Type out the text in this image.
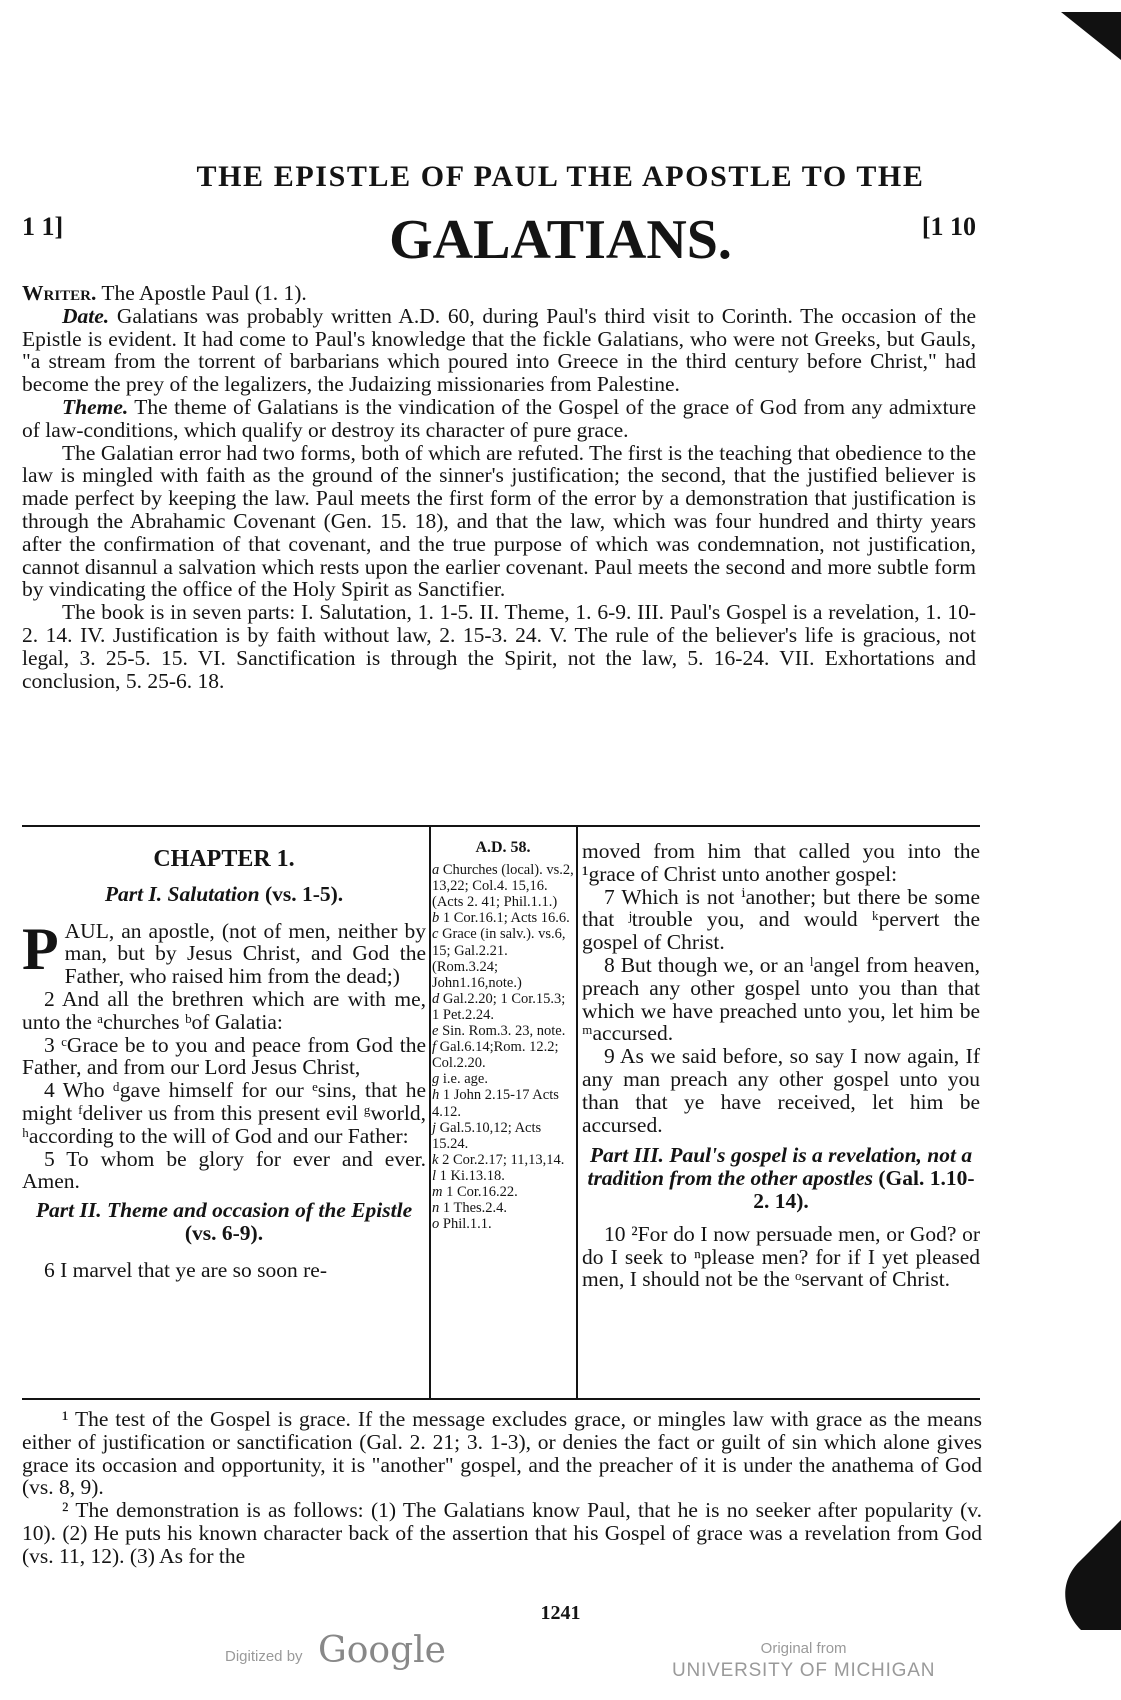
THE EPISTLE OF PAUL THE APOSTLE TO THE
1 1]	GALATIANS.	[1 10

Writer. The Apostle Paul (1. 1).

Date. Galatians was probably written A.D. 60, during Paul's third visit to Corinth. The occasion of the Epistle is evident. It had come to Paul's knowledge that the fickle Galatians, who were not Greeks, but Gauls, "a stream from the torrent of barbarians which poured into Greece in the third century before Christ," had become the prey of the legalizers, the Judaizing missionaries from Palestine.

Theme. The theme of Galatians is the vindication of the Gospel of the grace of God from any admixture of law-conditions, which qualify or destroy its character of pure grace.

The Galatian error had two forms, both of which are refuted. The first is the teaching that obedience to the law is mingled with faith as the ground of the sinner's justification; the second, that the justified believer is made perfect by keeping the law. Paul meets the first form of the error by a demonstration that justification is through the Abrahamic Covenant (Gen. 15. 18), and that the law, which was four hundred and thirty years after the confirmation of that covenant, and the true purpose of which was condemnation, not justification, cannot disannul a salvation which rests upon the earlier covenant. Paul meets the second and more subtle form by vindicating the office of the Holy Spirit as Sanctifier.

The book is in seven parts: I. Salutation, 1. 1-5. II. Theme, 1. 6-9. III. Paul's Gospel is a revelation, 1. 10-2. 14. IV. Justification is by faith without law, 2. 15-3. 24. V. The rule of the believer's life is gracious, not legal, 3. 25-5. 15. VI. Sanctification is through the Spirit, not the law, 5. 16-24. VII. Exhortations and conclusion, 5. 25-6. 18.

CHAPTER 1.

Part I. Salutation (vs. 1-5).

PAUL, an apostle, (not of men, neither by man, but by Jesus Christ, and God the Father, who raised him from the dead;)

2 And all the brethren which are with me, unto the ᵃchurches ᵇof Galatia:

3 ᶜGrace be to you and peace from God the Father, and from our Lord Jesus Christ,

4 Who ᵈgave himself for our ᵉsins, that he might ᶠdeliver us from this present evil ᵍworld, ʰaccording to the will of God and our Father:

5 To whom be glory for ever and ever. Amen.

Part II. Theme and occasion of the Epistle (vs. 6-9).

6 I marvel that ye are so soon re-

A.D. 58.
a Churches (local). vs.2, 13,22; Col.4. 15,16. (Acts 2. 41; Phil.1.1.)
b 1 Cor.16.1; Acts 16.6.
c Grace (in salv.). vs.6, 15; Gal.2.21. (Rom.3.24; John1.16,note.)
d Gal.2.20; 1 Cor.15.3; 1 Pet.2.24.
e Sin. Rom.3. 23, note.
f Gal.6.14;Rom. 12.2; Col.2.20.
g i.e. age.
h 1 John 2.15-17 Acts 4.12.
j Gal.5.10,12; Acts 15.24.
k 2 Cor.2.17; 11,13,14.
l 1 Ki.13.18.
m 1 Cor.16.22.
n 1 Thes.2.4.
o Phil.1.1.

moved from him that called you into the ¹grace of Christ unto another gospel:

7 Which is not ⁱanother; but there be some that ʲtrouble you, and would ᵏpervert the gospel of Christ.

8 But though we, or an ˡangel from heaven, preach any other gospel unto you than that which we have preached unto you, let him be ᵐaccursed.

9 As we said before, so say I now again, If any man preach any other gospel unto you than that ye have received, let him be accursed.

Part III. Paul's gospel is a revelation, not a tradition from the other apostles (Gal. 1.10-2. 14).

10 ²For do I now persuade men, or God? or do I seek to ⁿplease men? for if I yet pleased men, I should not be the ᵒservant of Christ.

¹ The test of the Gospel is grace. If the message excludes grace, or mingles law with grace as the means either of justification or sanctification (Gal. 2. 21; 3. 1-3), or denies the fact or guilt of sin which alone gives grace its occasion and opportunity, it is "another" gospel, and the preacher of it is under the anathema of God (vs. 8, 9).

² The demonstration is as follows: (1) The Galatians know Paul, that he is no seeker after popularity (v. 10). (2) He puts his known character back of the assertion that his Gospel of grace was a revelation from God (vs. 11, 12). (3) As for the

1241
Digitized by Google	Original from
UNIVERSITY OF MICHIGAN
